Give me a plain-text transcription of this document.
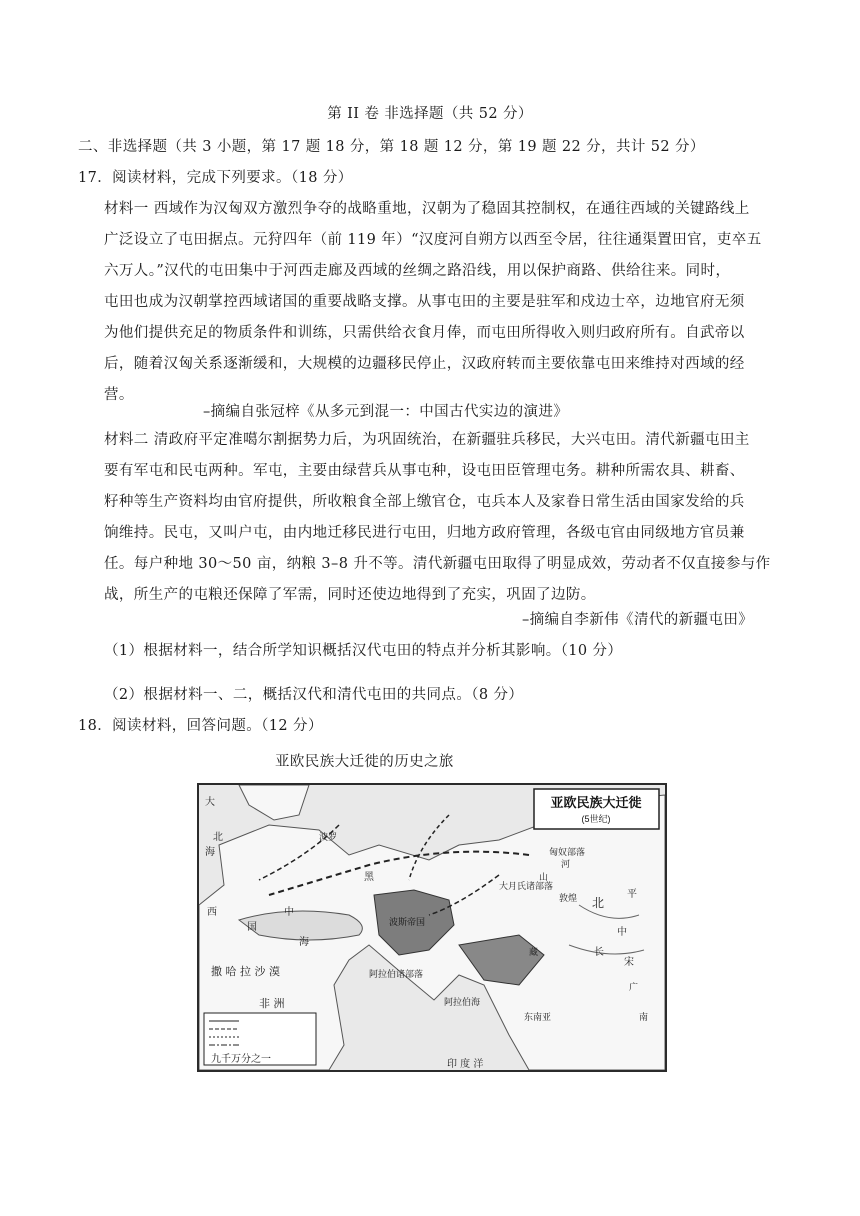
第 II 卷 非选择题（共 52 分）
二、非选择题（共 3 小题，第 17 题 18 分，第 18 题 12 分，第 19 题 22 分，共计 52 分）
17．阅读材料，完成下列要求。（18 分）
材料一 西域作为汉匈双方激烈争夺的战略重地，汉朝为了稳固其控制权，在通往西域的关键路线上
广泛设立了屯田据点。元狩四年（前 119 年）“汉度河自朔方以西至令居，往往通渠置田官，吏卒五
六万人。”汉代的屯田集中于河西走廊及西域的丝绸之路沿线，用以保护商路、供给往来。同时，
屯田也成为汉朝掌控西域诸国的重要战略支撑。从事屯田的主要是驻军和戍边士卒，边地官府无须
为他们提供充足的物质条件和训练，只需供给衣食月俸，而屯田所得收入则归政府所有。自武帝以
后，随着汉匈关系逐渐缓和，大规模的边疆移民停止，汉政府转而主要依靠屯田来维持对西域的经
营。
–摘编自张冠梓《从多元到混一：中国古代实边的演进》
材料二 清政府平定准噶尔割据势力后，为巩固统治，在新疆驻兵移民，大兴屯田。清代新疆屯田主
要有军屯和民屯两种。军屯，主要由绿营兵从事屯种，设屯田臣管理屯务。耕种所需农具、耕畜、
籽种等生产资料均由官府提供，所收粮食全部上缴官仓，屯兵本人及家眷日常生活由国家发给的兵
饷维持。民屯，又叫户屯，由内地迁移民进行屯田，归地方政府管理，各级屯官由同级地方官员兼
任。每户种地 30～50 亩，纳粮 3–8 升不等。清代新疆屯田取得了明显成效，劳动者不仅直接参与作
战，所生产的屯粮还保障了军需，同时还使边地得到了充实，巩固了边防。
–摘编自李新伟《清代的新疆屯田》
（1）根据材料一，结合所学知识概括汉代屯田的特点并分析其影响。（10 分）
（2）根据材料一、二，概括汉代和清代屯田的共同点。（8 分）
18．阅读材料，回答问题。（12 分）
亚欧民族大迁徙的历史之旅
亚欧民族大迁徙
(5世纪)
九千万分之一
大
北
海
波罗
西	中
海
国
黑	山
匈奴部落
河
大月氏诸部落
敦煌 北
平
中
波斯帝国
撒 哈 拉 沙 漠
非 洲
阿拉伯诸部落
阿拉伯海
藏
宋
印 度 洋
长
广
东南亚	南
